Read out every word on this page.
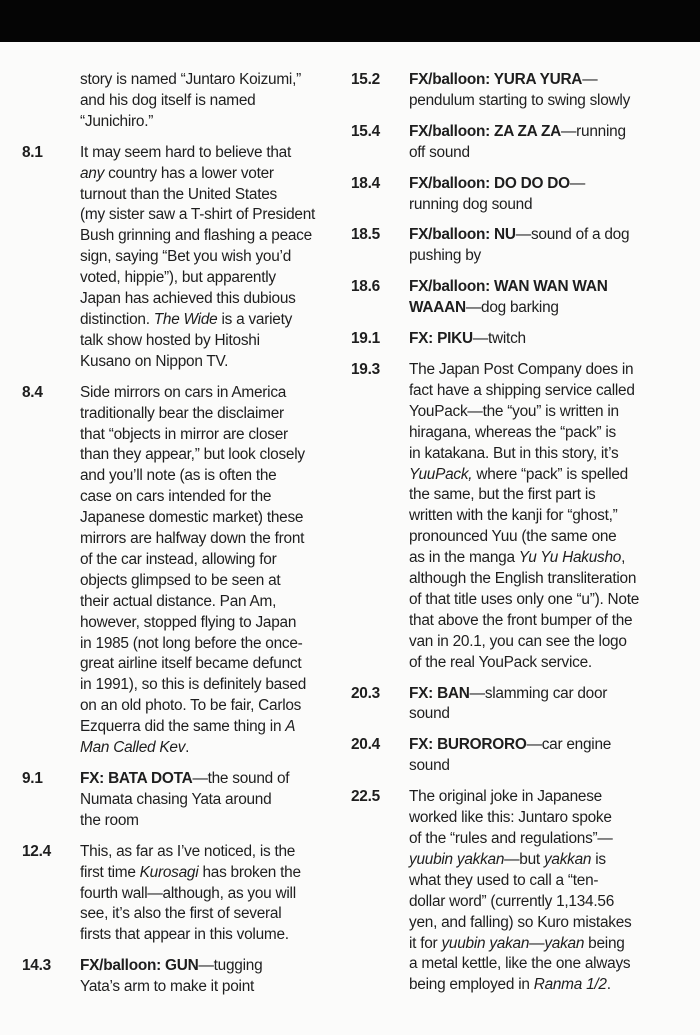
story is named “Juntaro Koizumi,”
and his dog itself is named
“Junichiro.”
8.1	It may seem hard to believe that
any country has a lower voter
turnout than the United States
(my sister saw a T-shirt of President
Bush grinning and flashing a peace
sign, saying “Bet you wish you’d
voted, hippie”), but apparently
Japan has achieved this dubious
distinction. The Wide is a variety
talk show hosted by Hitoshi
Kusano on Nippon TV.
8.4	Side mirrors on cars in America
traditionally bear the disclaimer
that “objects in mirror are closer
than they appear,” but look closely
and you’ll note (as is often the
case on cars intended for the
Japanese domestic market) these
mirrors are halfway down the front
of the car instead, allowing for
objects glimpsed to be seen at
their actual distance. Pan Am,
however, stopped flying to Japan
in 1985 (not long before the once-
great airline itself became defunct
in 1991), so this is definitely based
on an old photo. To be fair, Carlos
Ezquerra did the same thing in A
Man Called Kev.
9.1	FX: BATA DOTA—the sound of
Numata chasing Yata around
the room
12.4	This, as far as I’ve noticed, is the
first time Kurosagi has broken the
fourth wall—although, as you will
see, it’s also the first of several
firsts that appear in this volume.
14.3	FX/balloon: GUN—tugging
Yata’s arm to make it point
15.2	FX/balloon: YURA YURA—
pendulum starting to swing slowly
15.4	FX/balloon: ZA ZA ZA—running
off sound
18.4	FX/balloon: DO DO DO—
running dog sound
18.5	FX/balloon: NU—sound of a dog
pushing by
18.6	FX/balloon: WAN WAN WAN
WAAAN—dog barking
19.1	FX: PIKU—twitch
19.3	The Japan Post Company does in
fact have a shipping service called
YouPack—the “you” is written in
hiragana, whereas the “pack” is
in katakana. But in this story, it’s
YuuPack, where “pack” is spelled
the same, but the first part is
written with the kanji for “ghost,”
pronounced Yuu (the same one
as in the manga Yu Yu Hakusho,
although the English transliteration
of that title uses only one “u”). Note
that above the front bumper of the
van in 20.1, you can see the logo
of the real YouPack service.
20.3	FX: BAN—slamming car door
sound
20.4	FX: BURORORO—car engine
sound
22.5	The original joke in Japanese
worked like this: Juntaro spoke
of the “rules and regulations”—
yuubin yakkan—but yakkan is
what they used to call a “ten-
dollar word” (currently 1,134.56
yen, and falling) so Kuro mistakes
it for yuubin yakan—yakan being
a metal kettle, like the one always
being employed in Ranma 1/2.
